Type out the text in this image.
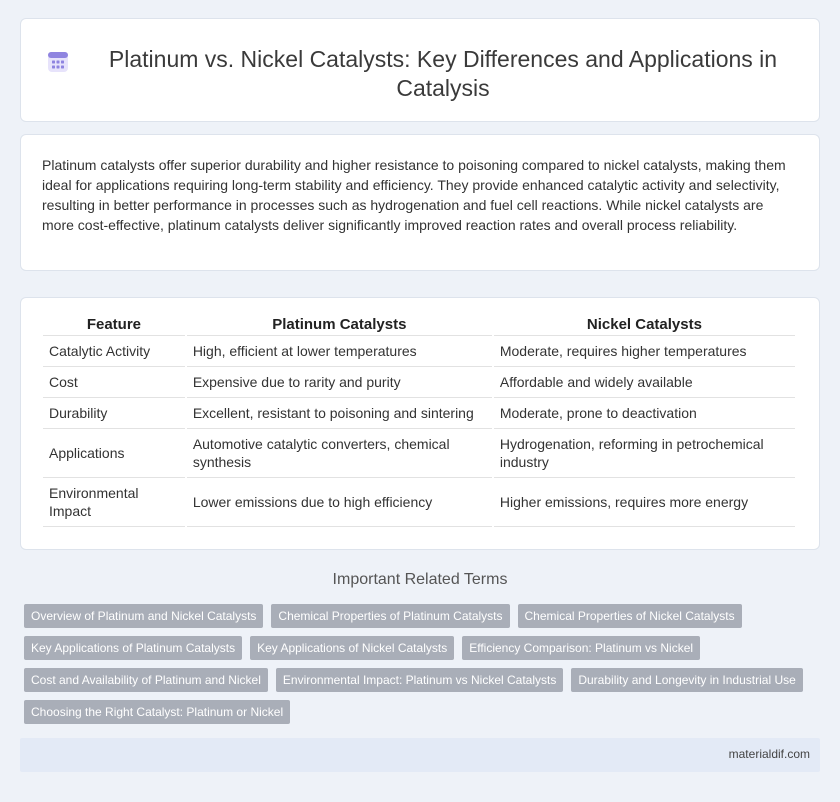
Platinum vs. Nickel Catalysts: Key Differences and Applications in Catalysis

Platinum catalysts offer superior durability and higher resistance to poisoning compared to nickel catalysts, making them ideal for applications requiring long-term stability and efficiency. They provide enhanced catalytic activity and selectivity, resulting in better performance in processes such as hydrogenation and fuel cell reactions. While nickel catalysts are more cost-effective, platinum catalysts deliver significantly improved reaction rates and overall process reliability.

Feature	Platinum Catalysts	Nickel Catalysts
Catalytic Activity	High, efficient at lower temperatures	Moderate, requires higher temperatures
Cost	Expensive due to rarity and purity	Affordable and widely available
Durability	Excellent, resistant to poisoning and sintering	Moderate, prone to deactivation
Applications	Automotive catalytic converters, chemical synthesis	Hydrogenation, reforming in petrochemical industry
Environmental Impact	Lower emissions due to high efficiency	Higher emissions, requires more energy
Important Related Terms
Overview of Platinum and Nickel Catalysts	Chemical Properties of Platinum Catalysts	Chemical Properties of Nickel Catalysts
Key Applications of Platinum Catalysts	Key Applications of Nickel Catalysts	Efficiency Comparison: Platinum vs Nickel
Cost and Availability of Platinum and Nickel	Environmental Impact: Platinum vs Nickel Catalysts	Durability and Longevity in Industrial Use
Choosing the Right Catalyst: Platinum or Nickel
materialdif.com
